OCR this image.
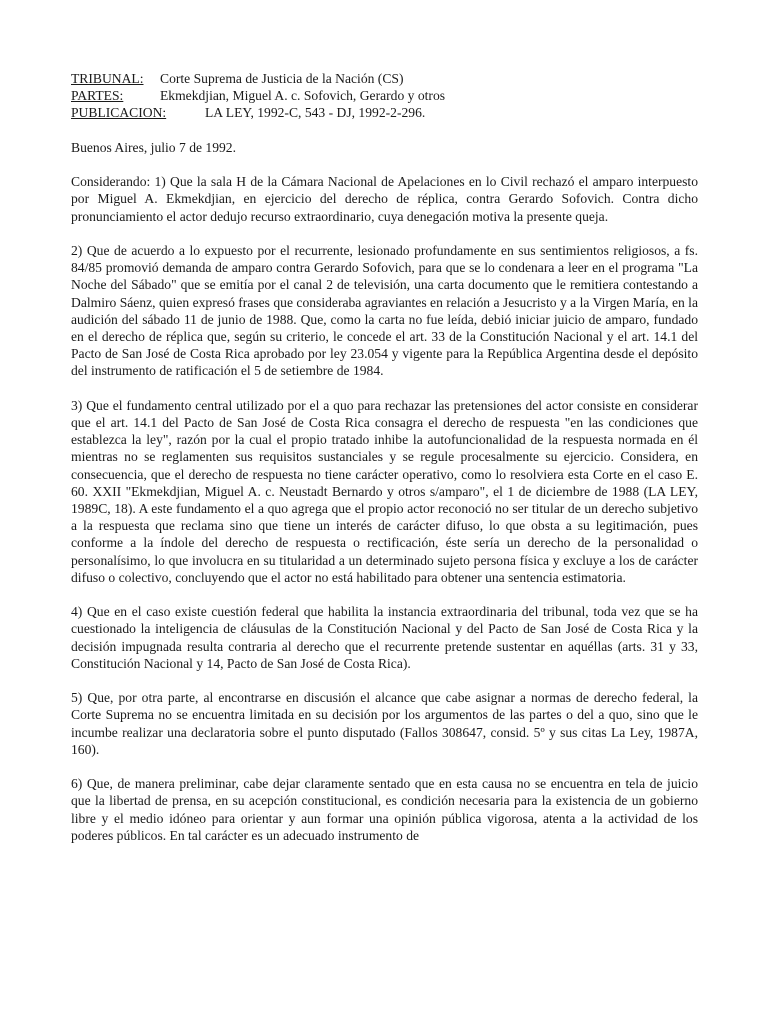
TRIBUNAL:	Corte Suprema de Justicia de la Nación (CS)
PARTES:	Ekmekdjian, Miguel A. c. Sofovich, Gerardo y otros
PUBLICACION:	LA LEY, 1992-C, 543 - DJ, 1992-2-296.

Buenos Aires, julio 7 de 1992.

Considerando: 1) Que la sala H de la Cámara Nacional de Apelaciones en lo Civil rechazó el amparo interpuesto por Miguel A. Ekmekdjian, en ejercicio del derecho de réplica, contra Gerardo Sofovich. Contra dicho pronunciamiento el actor dedujo recurso extraordinario, cuya denegación motiva la presente queja.

2) Que de acuerdo a lo expuesto por el recurrente, lesionado profundamente en sus sentimientos religiosos, a fs. 84/85 promovió demanda de amparo contra Gerardo Sofovich, para que se lo condenara a leer en el programa "La Noche del Sábado" que se emitía por el canal 2 de televisión, una carta documento que le remitiera contestando a Dalmiro Sáenz, quien expresó frases que consideraba agraviantes en relación a Jesucristo y a la Virgen María, en la audición del sábado 11 de junio de 1988. Que, como la carta no fue leída, debió iniciar juicio de amparo, fundado en el derecho de réplica que, según su criterio, le concede el art. 33 de la Constitución Nacional y el art. 14.1 del Pacto de San José de Costa Rica aprobado por ley 23.054 y vigente para la República Argentina desde el depósito del instrumento de ratificación el 5 de setiembre de 1984.

3) Que el fundamento central utilizado por el a quo para rechazar las pretensiones del actor consiste en considerar que el art. 14.1 del Pacto de San José de Costa Rica consagra el derecho de respuesta "en las condiciones que establezca la ley", razón por la cual el propio tratado inhibe la autofuncionalidad de la respuesta normada en él mientras no se reglamenten sus requisitos sustanciales y se regule procesalmente su ejercicio. Considera, en consecuencia, que el derecho de respuesta no tiene carácter operativo, como lo resolviera esta Corte en el caso E. 60. XXII "Ekmekdjian, Miguel A. c. Neustadt Bernardo y otros s/amparo", el 1 de diciembre de 1988 (LA LEY, 1989C, 18). A este fundamento el a quo agrega que el propio actor reconoció no ser titular de un derecho subjetivo a la respuesta que reclama sino que tiene un interés de carácter difuso, lo que obsta a su legitimación, pues conforme a la índole del derecho de respuesta o rectificación, éste sería un derecho de la personalidad o personalísimo, lo que involucra en su titularidad a un determinado sujeto persona física y excluye a los de carácter difuso o colectivo, concluyendo que el actor no está habilitado para obtener una sentencia estimatoria.

4) Que en el caso existe cuestión federal que habilita la instancia extraordinaria del tribunal, toda vez que se ha cuestionado la inteligencia de cláusulas de la Constitución Nacional y del Pacto de San José de Costa Rica y la decisión impugnada resulta contraria al derecho que el recurrente pretende sustentar en aquéllas (arts. 31 y 33, Constitución Nacional y 14, Pacto de San José de Costa Rica).

5) Que, por otra parte, al encontrarse en discusión el alcance que cabe asignar a normas de derecho federal, la Corte Suprema no se encuentra limitada en su decisión por los argumentos de las partes o del a quo, sino que le incumbe realizar una declaratoria sobre el punto disputado (Fallos 308647, consid. 5º y sus citas La Ley, 1987A, 160).

6) Que, de manera preliminar, cabe dejar claramente sentado que en esta causa no se encuentra en tela de juicio que la libertad de prensa, en su acepción constitucional, es condición necesaria para la existencia de un gobierno libre y el medio idóneo para orientar y aun formar una opinión pública vigorosa, atenta a la actividad de los poderes públicos. En tal carácter es un adecuado instrumento de
